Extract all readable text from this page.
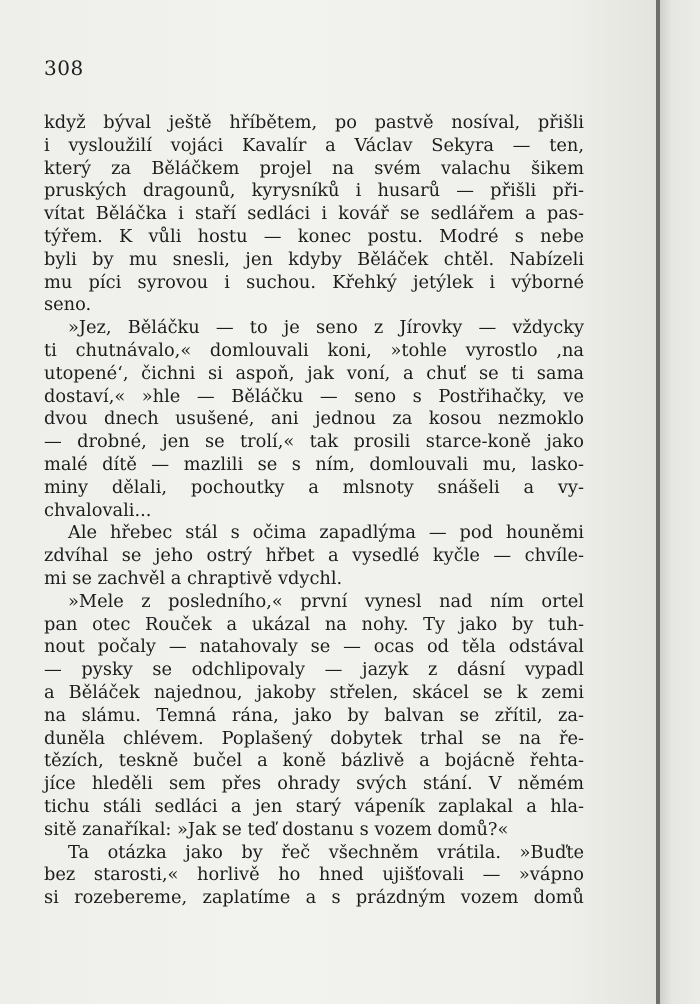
308
když býval ještě hříbětem, po pastvě nosíval, přišli
i vysloužilí vojáci Kavalír a Václav Sekyra — ten,
který za Běláčkem projel na svém valachu šikem
pruských dragounů, kyrysníků i husarů — přišli při-
vítat Běláčka i staří sedláci i kovář se sedlářem a pas-
týřem. K vůli hostu — konec postu. Modré s nebe
byli by mu snesli, jen kdyby Běláček chtěl. Nabízeli
mu píci syrovou i suchou. Křehký jetýlek i výborné
seno.
»Jez, Běláčku — to je seno z Jírovky — vždycky
ti chutnávalo,« domlouvali koni, »tohle vyrostlo ‚na
utopené‘, čichni si aspoň, jak voní, a chuť se ti sama
dostaví,« »hle — Běláčku — seno s Postřihačky, ve
dvou dnech usušené, ani jednou za kosou nezmoklo
— drobné, jen se trolí,« tak prosili starce-koně jako
malé dítě — mazlili se s ním, domlouvali mu, lasko-
miny dělali, pochoutky a mlsnoty snášeli a vy-
chvalovali...
Ale hřebec stál s očima zapadlýma — pod houněmi
zdvíhal se jeho ostrý hřbet a vysedlé kyčle — chvíle-
mi se zachvěl a chraptivě vdychl.
»Mele z posledního,« první vynesl nad ním ortel
pan otec Rouček a ukázal na nohy. Ty jako by tuh-
nout počaly — natahovaly se — ocas od těla odstával
— pysky se odchlipovaly — jazyk z dásní vypadl
a Běláček najednou, jakoby střelen, skácel se k zemi
na slámu. Temná rána, jako by balvan se zřítil, za-
duněla chlévem. Poplašený dobytek trhal se na ře-
tězích, teskně bučel a koně bázlivě a bojácně řehta-
jíce hleděli sem přes ohrady svých stání. V němém
tichu stáli sedláci a jen starý vápeník zaplakal a hla-
sitě zanaříkal: »Jak se teď dostanu s vozem domů?«
Ta otázka jako by řeč všechněm vrátila. »Buďte
bez starosti,« horlivě ho hned ujišťovali — »vápno
si rozebereme, zaplatíme a s prázdným vozem domů
